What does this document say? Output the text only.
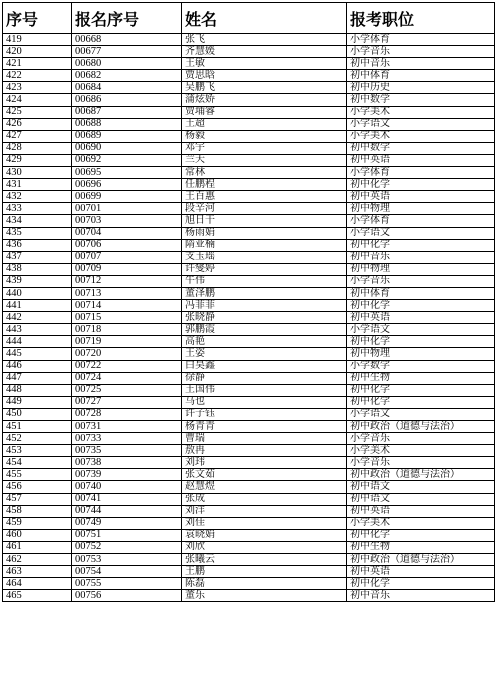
序号	报名序号	姓名	报考职位
419	00668	张飞	小学体育
420	00677	齐慧媛	小学音乐
421	00680	王敏	初中音乐
422	00682	贾思晗	初中体育
423	00684	吴鹏飞	初中历史
424	00686	蒲炫娇	初中数学
425	00687	贾埔睿	小学美术
426	00688	王超	小学语文
427	00689	杨毅	小学美术
428	00690	邓宇	初中数学
429	00692	兰天	初中英语
430	00695	常林	小学体育
431	00696	任鹏程	初中化学
432	00699	王百惠	初中英语
433	00701	段辛河	初中物理
434	00703	旭日干	小学体育
435	00704	杨雨娟	小学语文
436	00706	隋亚楠	初中化学
437	00707	支玉瑶	初中音乐
438	00709	许燮婷	初中物理
439	00712	牛伟	小学音乐
440	00713	董泽鹏	初中体育
441	00714	冯菲菲	初中化学
442	00715	张晓静	初中英语
443	00718	郭鹏霞	小学语文
444	00719	高艳	初中化学
445	00720	王姿	初中物理
446	00722	白昊鑫	小学数学
447	00724	徐静	初中生物
448	00725	王国伟	初中化学
449	00727	马也	初中化学
450	00728	许子钰	小学语文
451	00731	杨青青	初中政治（道德与法治）
452	00733	曹瑞	小学音乐
453	00735	敖冉	小学美术
454	00738	刘玮	小学音乐
455	00739	张文茹	初中政治（道德与法治）
456	00740	赵慧煜	初中语文
457	00741	张成	初中语文
458	00744	刘洋	初中英语
459	00749	刘佳	小学美术
460	00751	袁晓娟	初中化学
461	00752	刘欣	初中生物
462	00753	张曦云	初中政治（道德与法治）
463	00754	王鹏	初中英语
464	00755	陈磊	初中化学
465	00756	董乐	初中音乐
